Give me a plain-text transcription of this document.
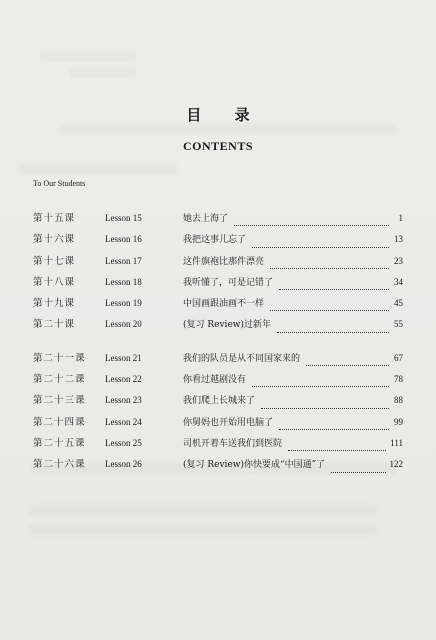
目 录
CONTENTS
To Our Students
第十五课	Lesson 15	她去上海了	1
第十六课	Lesson 16	我把这事儿忘了	13
第十七课	Lesson 17	这件旗袍比那件漂亮	23
第十八课	Lesson 18	我听懂了，可是记错了	34
第十九课	Lesson 19	中国画跟油画不一样	45
第二十课	Lesson 20	(复习 Review)过新年	55
第二十一课	Lesson 21	我们的队员是从不同国家来的	67
第二十二课	Lesson 22	你看过越剧没有	78
第二十三课	Lesson 23	我们爬上长城来了	88
第二十四课	Lesson 24	你舅妈也开始用电脑了	99
第二十五课	Lesson 25	司机开着车送我们到医院	111
第二十六课	Lesson 26	(复习 Review)你快要成“中国通”了	122
